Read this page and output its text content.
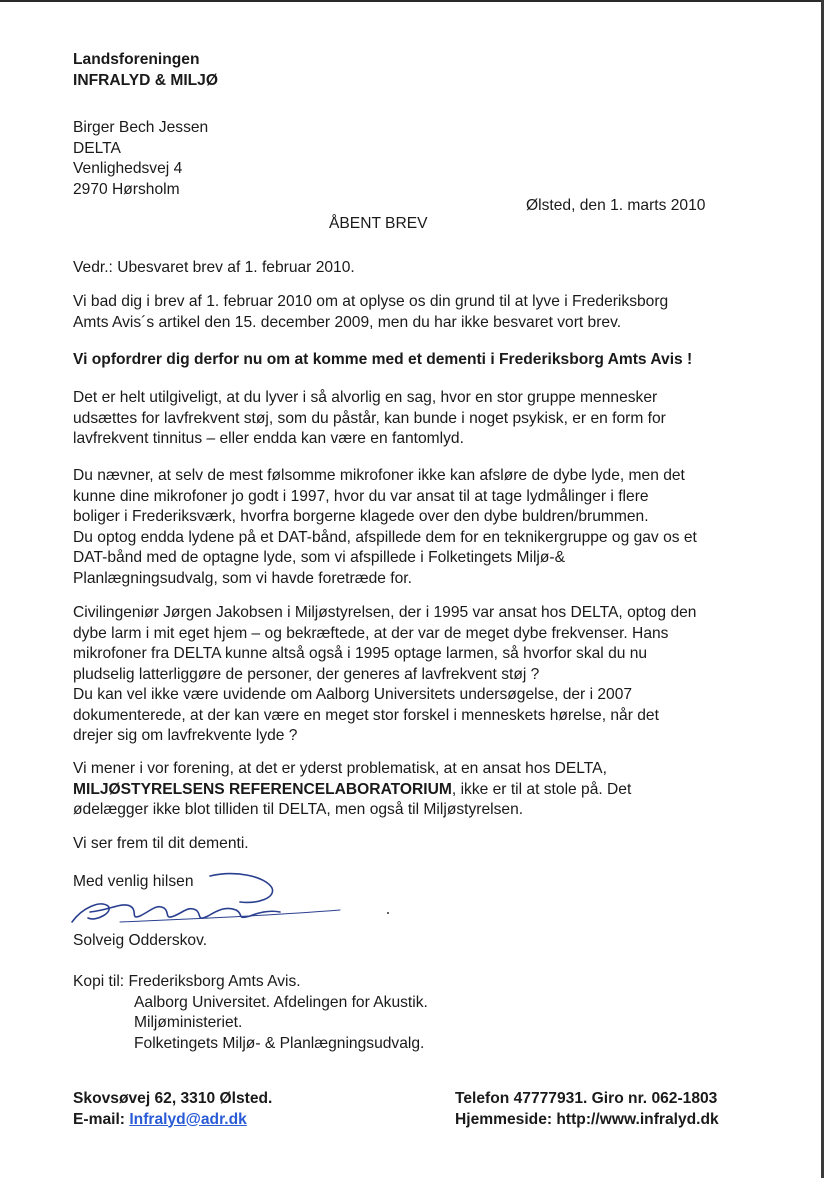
Landsforeningen

INFRALYD & MILJØ

Birger Bech Jessen

DELTA

Venlighedsvej 4

2970 Hørsholm

Ølsted, den 1. marts 2010
ÅBENT BREV
Vedr.: Ubesvaret brev af 1. februar 2010.

Vi bad dig i brev af 1. februar 2010 om at oplyse os din grund til at lyve i Frederiksborg

Amts Avis´s artikel den 15. december 2009, men du har ikke besvaret vort brev.

Vi opfordrer dig derfor nu om at komme med et dementi i Frederiksborg Amts Avis !

Det er helt utilgiveligt, at du lyver i så alvorlig en sag, hvor en stor gruppe mennesker

udsættes for lavfrekvent støj, som du påstår, kan bunde i noget psykisk, er en form for

lavfrekvent tinnitus – eller endda kan være en fantomlyd.

Du nævner, at selv de mest følsomme mikrofoner ikke kan afsløre de dybe lyde, men det

kunne dine mikrofoner jo godt i 1997, hvor du var ansat til at tage lydmålinger i flere

boliger i Frederiksværk, hvorfra borgerne klagede over den dybe buldren/brummen.

Du optog endda lydene på et DAT-bånd, afspillede dem for en teknikergruppe og gav os et

DAT-bånd med de optagne lyde, som vi afspillede i Folketingets Miljø-&

Planlægningsudvalg, som vi havde foretræde for.

Civilingeniør Jørgen Jakobsen i Miljøstyrelsen, der i 1995 var ansat hos DELTA, optog den

dybe larm i mit eget hjem – og bekræftede, at der var de meget dybe frekvenser. Hans

mikrofoner fra DELTA kunne altså også i 1995 optage larmen, så hvorfor skal du nu

pludselig latterliggøre de personer, der generes af lavfrekvent støj ?

Du kan vel ikke være uvidende om Aalborg Universitets undersøgelse, der i 2007

dokumenterede, at der kan være en meget stor forskel i menneskets hørelse, når det

drejer sig om lavfrekvente lyde ?

Vi mener i vor forening, at det er yderst problematisk, at en ansat hos DELTA,

MILJØSTYRELSENS REFERENCELABORATORIUM, ikke er til at stole på. Det

ødelægger ikke blot tilliden til DELTA, men også til Miljøstyrelsen.

Vi ser frem til dit dementi.
Med venlig hilsen
Solveig Odderskov.

Kopi til: Frederiksborg Amts Avis.

Aalborg Universitet. Afdelingen for Akustik.

Miljøministeriet.

Folketingets Miljø- & Planlægningsudvalg.

Skovsøvej 62, 3310 Ølsted.

E-mail: Infralyd@adr.dk

Telefon 47777931. Giro nr. 062-1803

Hjemmeside: http://www.infralyd.dk
